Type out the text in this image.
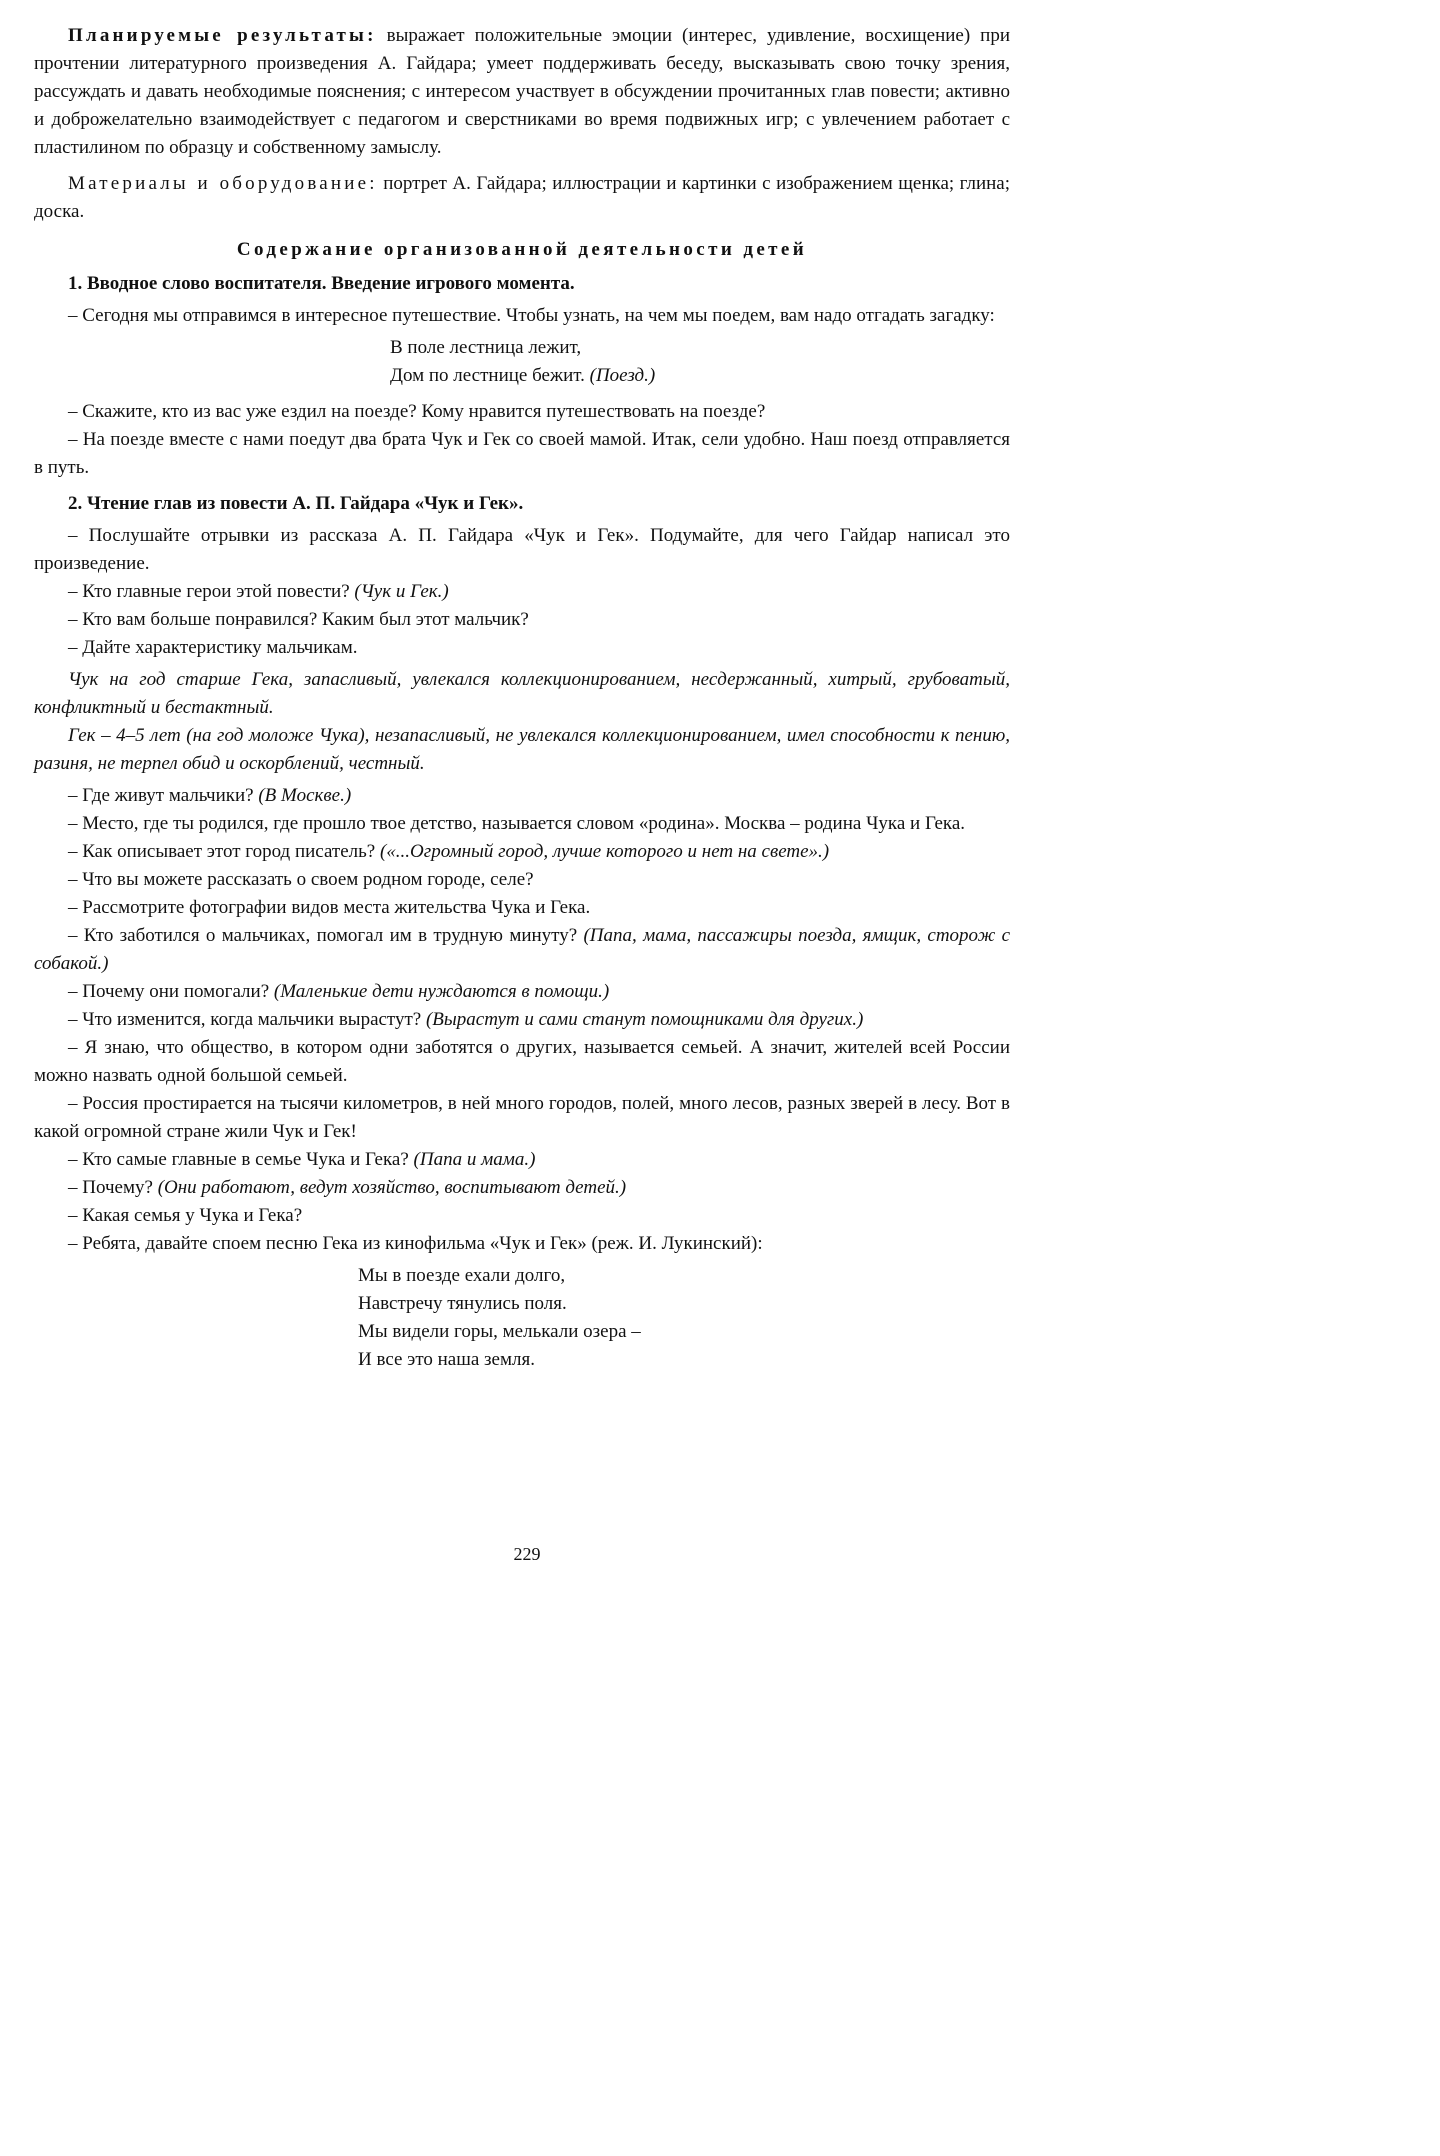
Планируемые результаты: выражает положительные эмоции (интерес, удивление, восхищение) при прочтении литературного произведения А. Гайдара; умеет поддерживать беседу, высказывать свою точку зрения, рассуждать и давать необходимые пояснения; с интересом участвует в обсуждении прочитанных глав повести; активно и доброжелательно взаимодействует с педагогом и сверстниками во время подвижных игр; с увлечением работает с пластилином по образцу и собственному замыслу.

Материалы и оборудование: портрет А. Гайдара; иллюстрации и картинки с изображением щенка; глина; доска.

Содержание организованной деятельности детей

1. Вводное слово воспитателя. Введение игрового момента.

– Сегодня мы отправимся в интересное путешествие. Чтобы узнать, на чем мы поедем, вам надо отгадать загадку:

В поле лестница лежит,

Дом по лестнице бежит. (Поезд.)

– Скажите, кто из вас уже ездил на поезде? Кому нравится путешествовать на поезде?

– На поезде вместе с нами поедут два брата Чук и Гек со своей мамой. Итак, сели удобно. Наш поезд отправляется в путь.

2. Чтение глав из повести А. П. Гайдара «Чук и Гек».

– Послушайте отрывки из рассказа А. П. Гайдара «Чук и Гек». Подумайте, для чего Гайдар написал это произведение.

– Кто главные герои этой повести? (Чук и Гек.)

– Кто вам больше понравился? Каким был этот мальчик?

– Дайте характеристику мальчикам.

Чук на год старше Гека, запасливый, увлекался коллекционированием, несдержанный, хитрый, грубоватый, конфликтный и бестактный.

Гек – 4–5 лет (на год моложе Чука), незапасливый, не увлекался коллекционированием, имел способности к пению, разиня, не терпел обид и оскорблений, честный.

– Где живут мальчики? (В Москве.)

– Место, где ты родился, где прошло твое детство, называется словом «родина». Москва – родина Чука и Гека.

– Как описывает этот город писатель? («...Огромный город, лучше которого и нет на свете».)

– Что вы можете рассказать о своем родном городе, селе?

– Рассмотрите фотографии видов места жительства Чука и Гека.

– Кто заботился о мальчиках, помогал им в трудную минуту? (Папа, мама, пассажиры поезда, ямщик, сторож с собакой.)

– Почему они помогали? (Маленькие дети нуждаются в помощи.)

– Что изменится, когда мальчики вырастут? (Вырастут и сами станут помощниками для других.)

– Я знаю, что общество, в котором одни заботятся о других, называется семьей. А значит, жителей всей России можно назвать одной большой семьей.

– Россия простирается на тысячи километров, в ней много городов, полей, много лесов, разных зверей в лесу. Вот в какой огромной стране жили Чук и Гек!

– Кто самые главные в семье Чука и Гека? (Папа и мама.)

– Почему? (Они работают, ведут хозяйство, воспитывают детей.)

– Какая семья у Чука и Гека?

– Ребята, давайте споем песню Гека из кинофильма «Чук и Гек» (реж. И. Лукинский):

Мы в поезде ехали долго,

Навстречу тянулись поля.

Мы видели горы, мелькали озера –

И все это наша земля.

229
